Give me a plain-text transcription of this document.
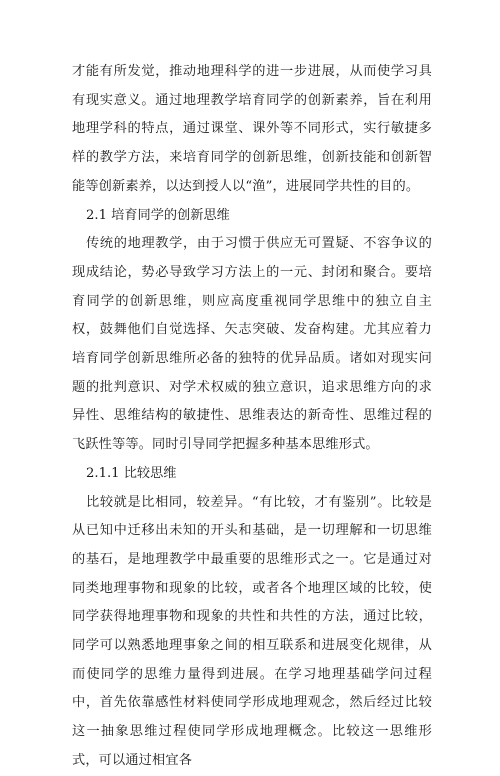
才能有所发觉，推动地理科学的进一步进展，从而使学习具有现实意义。通过地理教学培育同学的创新素养，旨在利用地理学科的特点，通过课堂、课外等不同形式，实行敏捷多样的教学方法，来培育同学的创新思维，创新技能和创新智能等创新素养，以达到授人以“渔”，进展同学共性的目的。

2.1 培育同学的创新思维

传统的地理教学，由于习惯于供应无可置疑、不容争议的现成结论，势必导致学习方法上的一元、封闭和聚合。要培育同学的创新思维，则应高度重视同学思维中的独立自主权，鼓舞他们自觉选择、矢志突破、发奋构建。尤其应着力培育同学创新思维所必备的独特的优异品质。诸如对现实问题的批判意识、对学术权威的独立意识，追求思维方向的求异性、思维结构的敏捷性、思维表达的新奇性、思维过程的飞跃性等等。同时引导同学把握多种基本思维形式。

2.1.1 比较思维

比较就是比相同，较差异。“有比较，才有鉴别”。比较是从已知中迁移出未知的开头和基础，是一切理解和一切思维的基石，是地理教学中最重要的思维形式之一。它是通过对同类地理事物和现象的比较，或者各个地理区域的比较，使同学获得地理事物和现象的共性和共性的方法，通过比较，同学可以熟悉地理事象之间的相互联系和进展变化规律，从而使同学的思维力量得到进展。在学习地理基础学问过程中，首先依靠感性材料使同学形成地理观念，然后经过比较这一抽象思维过程使同学形成地理概念。比较这一思维形式，可以通过相宜各
